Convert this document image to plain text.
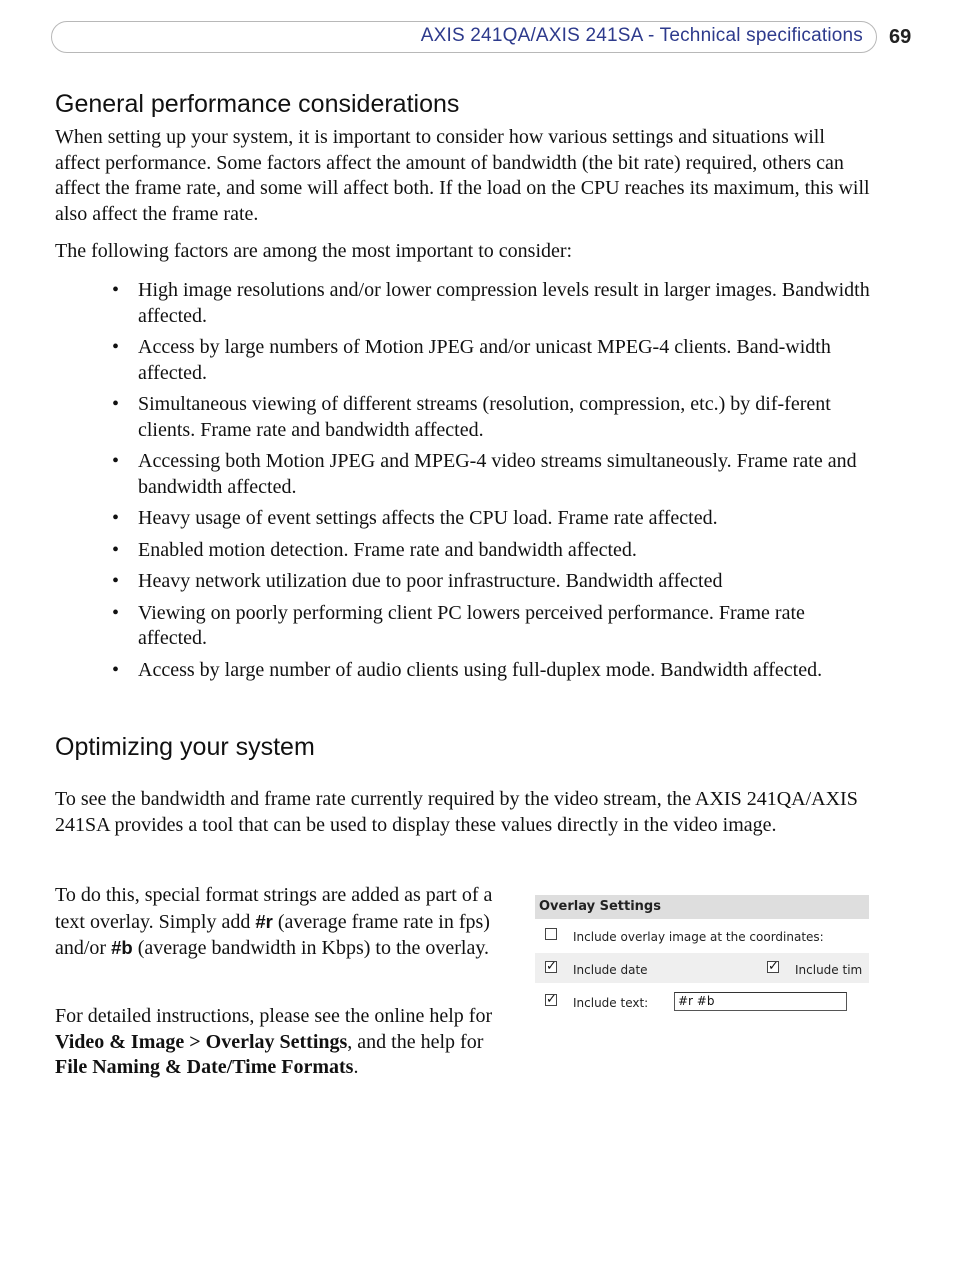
AXIS 241QA/AXIS 241SA - Technical specifications 69
General performance considerations

When setting up your system, it is important to consider how various settings and situations will affect performance. Some factors affect the amount of bandwidth (the bit rate) required, others can affect the frame rate, and some will affect both. If the load on the CPU reaches its maximum, this will also affect the frame rate.

The following factors are among the most important to consider:

• High image resolutions and/or lower compression levels result in larger images. Bandwidth affected.
• Access by large numbers of Motion JPEG and/or unicast MPEG-4 clients. Band-width affected.
• Simultaneous viewing of different streams (resolution, compression, etc.) by dif-ferent clients. Frame rate and bandwidth affected.
• Accessing both Motion JPEG and MPEG-4 video streams simultaneously. Frame rate and bandwidth affected.
• Heavy usage of event settings affects the CPU load. Frame rate affected.
• Enabled motion detection. Frame rate and bandwidth affected.
• Heavy network utilization due to poor infrastructure. Bandwidth affected
• Viewing on poorly performing client PC lowers perceived performance. Frame rate affected.
• Access by large number of audio clients using full-duplex mode. Bandwidth affected.
Optimizing your system

To see the bandwidth and frame rate currently required by the video stream, the AXIS 241QA/AXIS 241SA provides a tool that can be used to display these values directly in the video image.

To do this, special format strings are added as part of a text overlay. Simply add #r (average frame rate in fps) and/or #b (average bandwidth in Kbps) to the overlay.

For detailed instructions, please see the online help for Video & Image > Overlay Settings, and the help for File Naming & Date/Time Formats.

Overlay Settings
Include overlay image at the coordinates:
✓ Include date	✓ Include tim
✓ Include text:	#r #b
